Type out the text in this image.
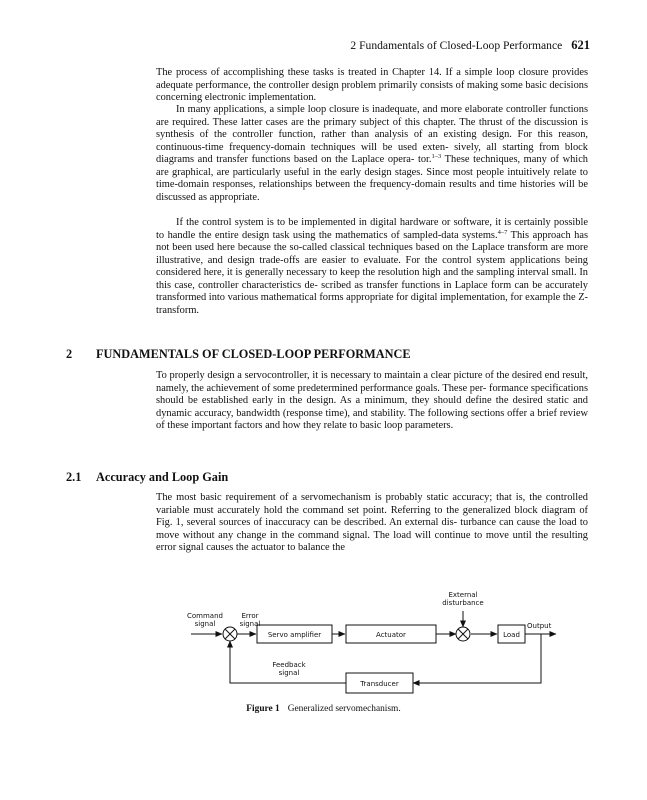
2 Fundamentals of Closed-Loop Performance 621

The process of accomplishing these tasks is treated in Chapter 14. If a simple loop closure provides adequate performance, the controller design problem primarily consists of making some basic decisions concerning electronic implementation.

In many applications, a simple loop closure is inadequate, and more elaborate controller functions are required. These latter cases are the primary subject of this chapter. The thrust of the discussion is synthesis of the controller function, rather than analysis of an existing design. For this reason, continuous-time frequency-domain techniques will be used exten- sively, all starting from block diagrams and transfer functions based on the Laplace opera- tor.$^{1-3}$ These techniques, many of which are graphical, are particularly useful in the early design stages. Since most people intuitively relate to time-domain responses, relationships between the frequency-domain results and time histories will be discussed as appropriate.

If the control system is to be implemented in digital hardware or software, it is certainly possible to handle the entire design task using the mathematics of sampled-data systems.$^{4-7}$ This approach has not been used here because the so-called classical techniques based on the Laplace transform are more illustrative, and design trade-offs are easier to evaluate. For the control system applications being considered here, it is generally necessary to keep the resolution high and the sampling interval small. In this case, controller characteristics de- scribed as transfer functions in Laplace form can be accurately transformed into various mathematical forms appropriate for digital implementation, for example the Z-transform.

2 FUNDAMENTALS OF CLOSED-LOOP PERFORMANCE

To properly design a servocontroller, it is necessary to maintain a clear picture of the desired end result, namely, the achievement of some predetermined performance goals. These per- formance specifications should be established early in the design. As a minimum, they should define the desired static and dynamic accuracy, bandwidth (response time), and stability. The following sections offer a brief review of these important factors and how they relate to basic loop parameters.

2.1 Accuracy and Loop Gain

The most basic requirement of a servomechanism is probably static accuracy; that is, the controlled variable must accurately hold the command set point. Referring to the generalized block diagram of Fig. 1, several sources of inaccuracy can be described. An external dis- turbance can cause the load to move without any change in the command signal. The load will continue to move until the resulting error signal causes the actuator to balance the

Servo amplifier	Actuator	Load
Transducer
Command
signal
Error
signal
External
disturbance
Output
Feedback
signal
Figure 1 Generalized servomechanism.
